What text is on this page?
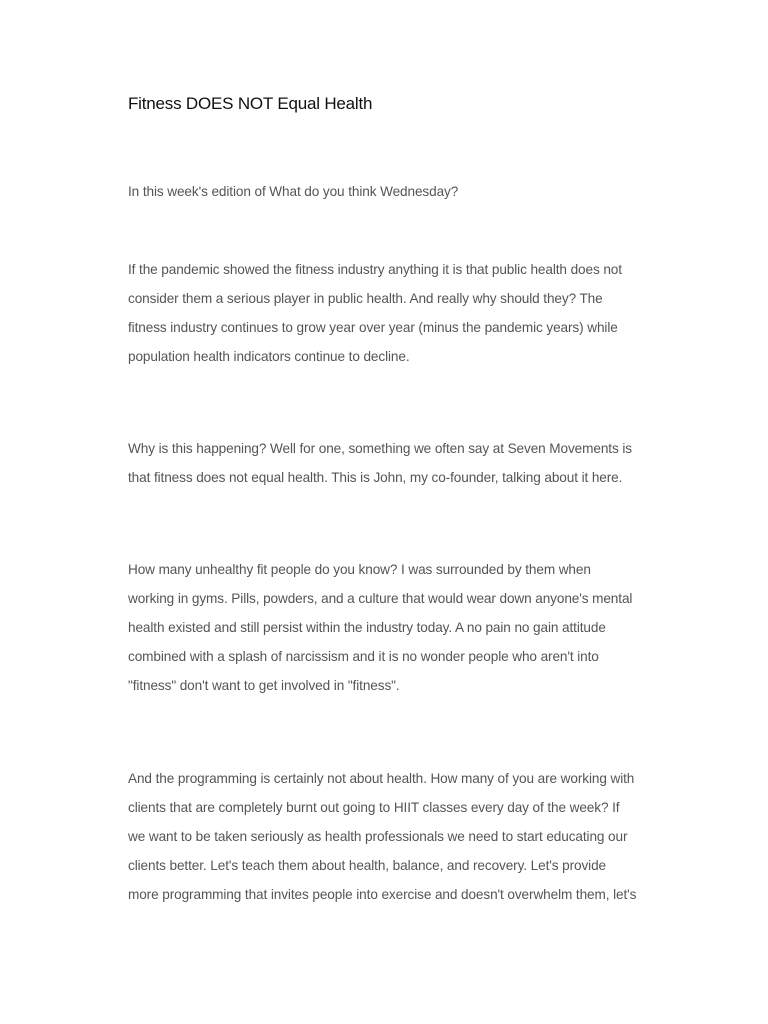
Fitness DOES NOT Equal Health

In this week's edition of What do you think Wednesday?

If the pandemic showed the fitness industry anything it is that public health does not
consider them a serious player in public health. And really why should they? The
fitness industry continues to grow year over year (minus the pandemic years) while
population health indicators continue to decline.

Why is this happening? Well for one, something we often say at Seven Movements is
that fitness does not equal health. This is John, my co-founder, talking about it here.

How many unhealthy fit people do you know? I was surrounded by them when
working in gyms. Pills, powders, and a culture that would wear down anyone's mental
health existed and still persist within the industry today. A no pain no gain attitude
combined with a splash of narcissism and it is no wonder people who aren't into
"fitness" don't want to get involved in "fitness".

And the programming is certainly not about health. How many of you are working with
clients that are completely burnt out going to HIIT classes every day of the week? If
we want to be taken seriously as health professionals we need to start educating our
clients better. Let's teach them about health, balance, and recovery. Let's provide
more programming that invites people into exercise and doesn't overwhelm them, let's
